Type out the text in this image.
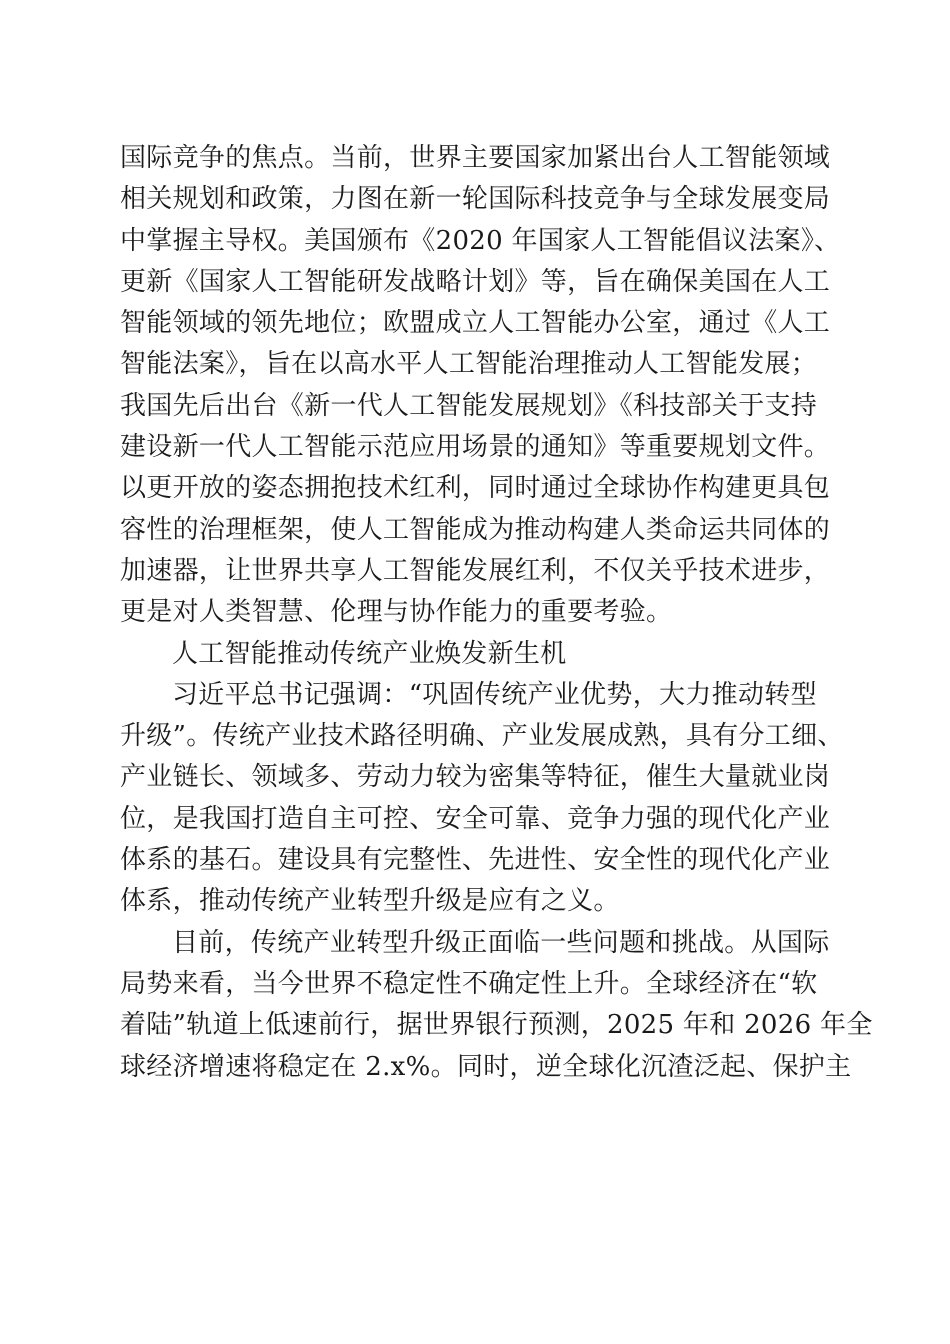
国际竞争的焦点。当前，世界主要国家加紧出台人工智能领域
相关规划和政策，力图在新一轮国际科技竞争与全球发展变局
中掌握主导权。美国颁布《2020 年国家人工智能倡议法案》、
更新《国家人工智能研发战略计划》等，旨在确保美国在人工
智能领域的领先地位；欧盟成立人工智能办公室，通过《人工
智能法案》，旨在以高水平人工智能治理推动人工智能发展；
我国先后出台《新一代人工智能发展规划》《科技部关于支持
建设新一代人工智能示范应用场景的通知》等重要规划文件。
以更开放的姿态拥抱技术红利，同时通过全球协作构建更具包
容性的治理框架，使人工智能成为推动构建人类命运共同体的
加速器，让世界共享人工智能发展红利，不仅关乎技术进步，
更是对人类智慧、伦理与协作能力的重要考验。
人工智能推动传统产业焕发新生机
习近平总书记强调：“巩固传统产业优势，大力推动转型
升级”。传统产业技术路径明确、产业发展成熟，具有分工细、
产业链长、领域多、劳动力较为密集等特征，催生大量就业岗
位，是我国打造自主可控、安全可靠、竞争力强的现代化产业
体系的基石。建设具有完整性、先进性、安全性的现代化产业
体系，推动传统产业转型升级是应有之义。
目前，传统产业转型升级正面临一些问题和挑战。从国际
局势来看，当今世界不稳定性不确定性上升。全球经济在“软
着陆”轨道上低速前行，据世界银行预测，2025 年和 2026 年全
球经济增速将稳定在 2.x%。同时，逆全球化沉渣泛起、保护主
